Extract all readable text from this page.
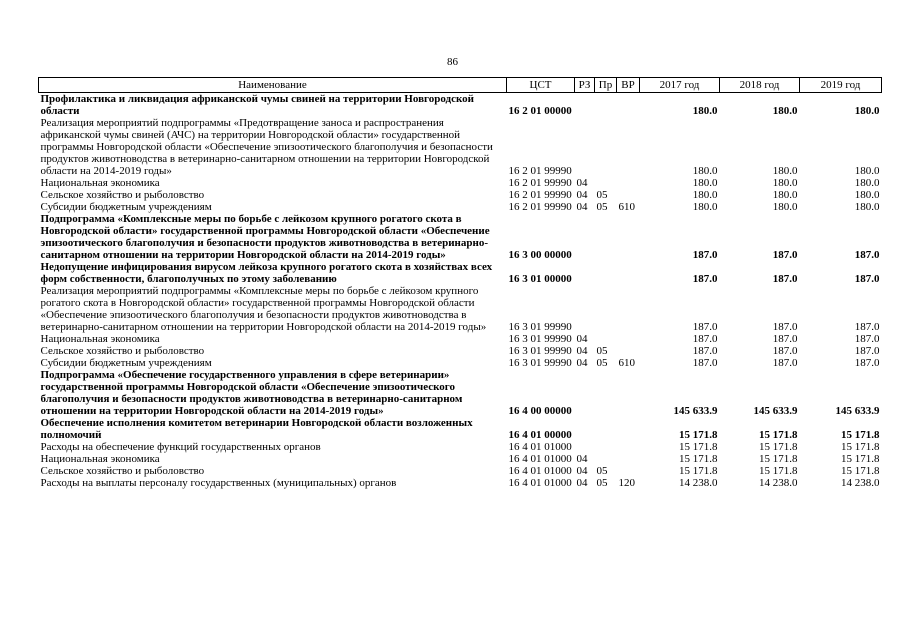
86
Наименование	ЦСТ	РЗ	Пр	ВР	2017 год	2018 год	2019 год
Профилактика и ликвидация африканской чумы свиней на территории Новгородской области	16 2 01 00000				180.0	180.0	180.0
Реализация мероприятий подпрограммы «Предотвращение заноса и распространения африканской чумы свиней (АЧС) на территории Новгородской области» государственной программы Новгородской области «Обеспечение эпизоотического благополучия и безопасности продуктов животноводства в ветеринарно-санитарном отношении на территории Новгородской области на 2014-2019 годы»	16 2 01 99990				180.0	180.0	180.0
Национальная экономика	16 2 01 99990	04			180.0	180.0	180.0
Сельское хозяйство и рыболовство	16 2 01 99990	04	05		180.0	180.0	180.0
Субсидии бюджетным учреждениям	16 2 01 99990	04	05	610	180.0	180.0	180.0
Подпрограмма «Комплексные меры по борьбе с лейкозом крупного рогатого скота в Новгородской области» государственной программы Новгородской области «Обеспечение эпизоотического благополучия и безопасности продуктов животноводства в ветеринарно-санитарном отношении на территории Новгородской области на 2014-2019 годы»	16 3 00 00000				187.0	187.0	187.0
Недопущение инфицирования вирусом лейкоза крупного рогатого скота в хозяйствах всех форм собственности, благополучных по этому заболеванию	16 3 01 00000				187.0	187.0	187.0
Реализация мероприятий подпрограммы «Комплексные меры по борьбе с лейкозом крупного рогатого скота в Новгородской области» государственной программы Новгородской области «Обеспечение эпизоотического благополучия и безопасности продуктов животноводства в ветеринарно-санитарном отношении на территории Новгородской области на 2014-2019 годы»	16 3 01 99990				187.0	187.0	187.0
Национальная экономика	16 3 01 99990	04			187.0	187.0	187.0
Сельское хозяйство и рыболовство	16 3 01 99990	04	05		187.0	187.0	187.0
Субсидии бюджетным учреждениям	16 3 01 99990	04	05	610	187.0	187.0	187.0
Подпрограмма «Обеспечение государственного управления в сфере ветеринарии» государственной программы Новгородской области «Обеспечение эпизоотического благополучия и безопасности продуктов животноводства в ветеринарно-санитарном отношении на территории Новгородской области на 2014-2019 годы»	16 4 00 00000				145 633.9	145 633.9	145 633.9
Обеспечение исполнения комитетом ветеринарии Новгородской области возложенных полномочий	16 4 01 00000				15 171.8	15 171.8	15 171.8
Расходы на обеспечение функций государственных органов	16 4 01 01000				15 171.8	15 171.8	15 171.8
Национальная экономика	16 4 01 01000	04			15 171.8	15 171.8	15 171.8
Сельское хозяйство и рыболовство	16 4 01 01000	04	05		15 171.8	15 171.8	15 171.8
Расходы на выплаты персоналу государственных (муниципальных) органов	16 4 01 01000	04	05	120	14 238.0	14 238.0	14 238.0
